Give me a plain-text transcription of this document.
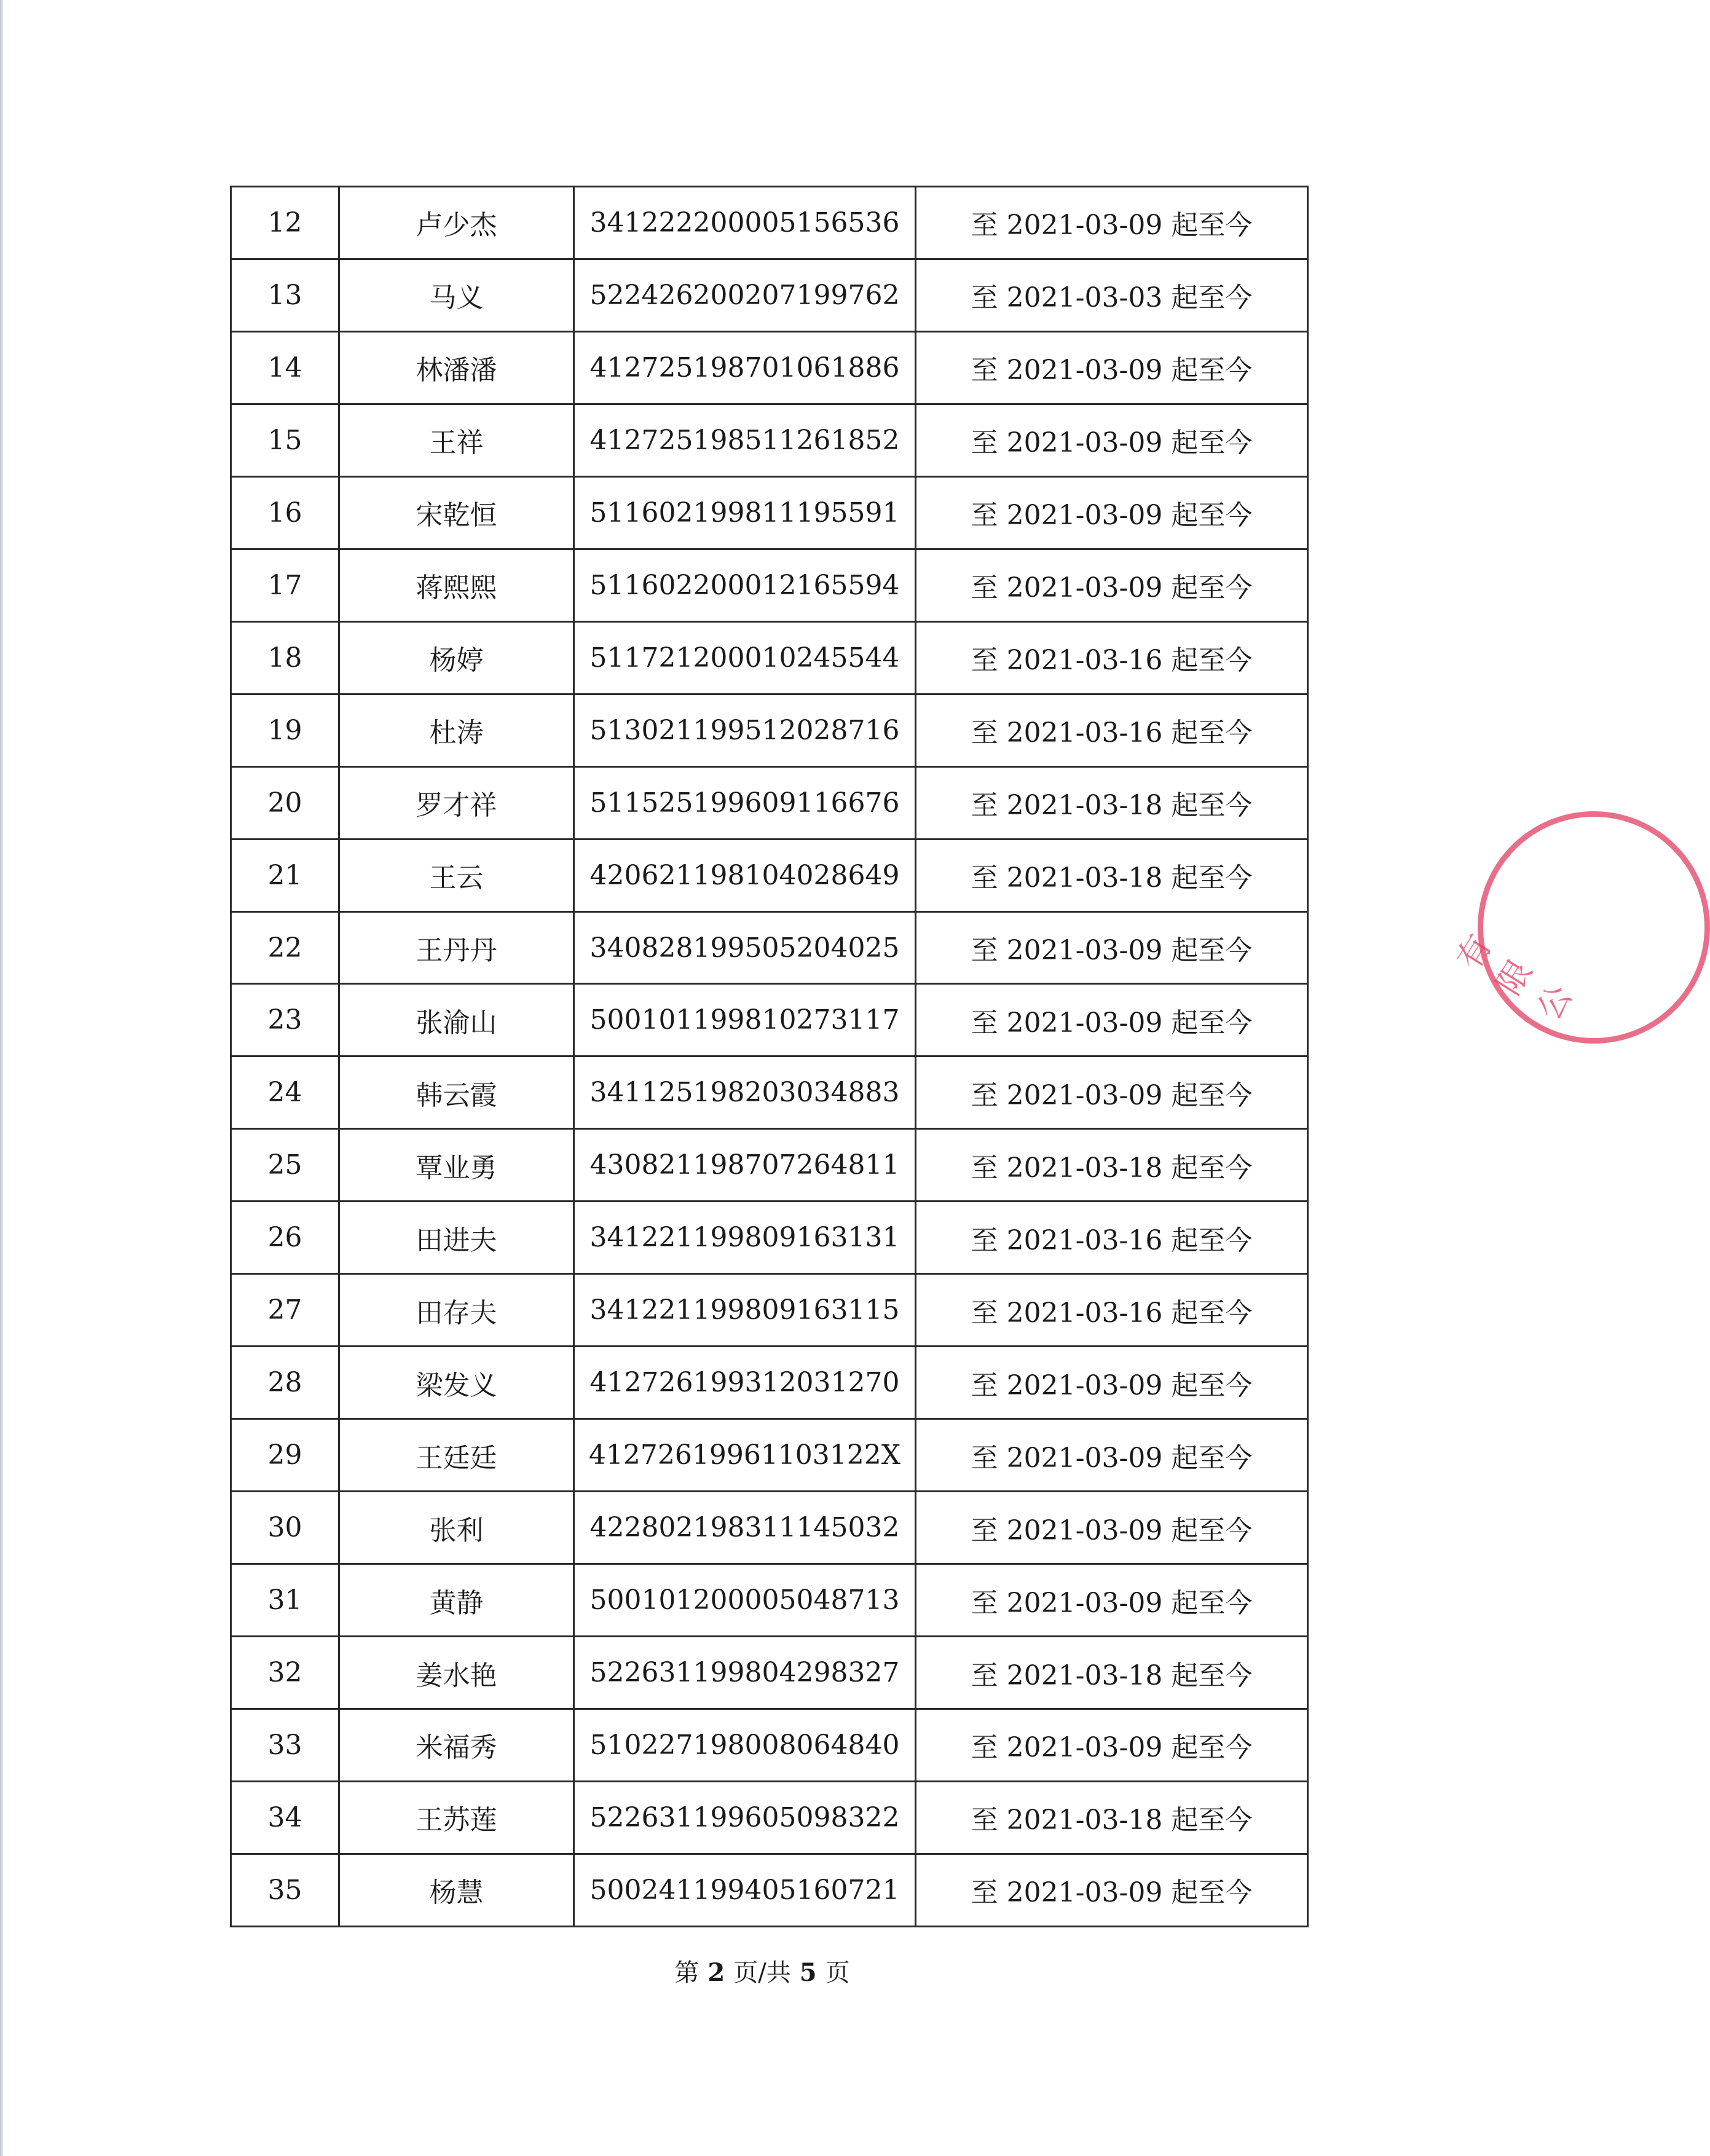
12	卢少杰	341222200005156536	至 2021-03-09 起至今
13	马义	522426200207199762	至 2021-03-03 起至今
14	林潘潘	412725198701061886	至 2021-03-09 起至今
15	王祥	412725198511261852	至 2021-03-09 起至今
16	宋乾恒	511602199811195591	至 2021-03-09 起至今
17	蒋熙熙	511602200012165594	至 2021-03-09 起至今
18	杨婷	511721200010245544	至 2021-03-16 起至今
19	杜涛	513021199512028716	至 2021-03-16 起至今
20	罗才祥	511525199609116676	至 2021-03-18 起至今
21	王云	420621198104028649	至 2021-03-18 起至今
22	王丹丹	340828199505204025	至 2021-03-09 起至今
23	张渝山	500101199810273117	至 2021-03-09 起至今
24	韩云霞	341125198203034883	至 2021-03-09 起至今
25	覃业勇	430821198707264811	至 2021-03-18 起至今
26	田进夫	341221199809163131	至 2021-03-16 起至今
27	田存夫	341221199809163115	至 2021-03-16 起至今
28	梁发义	412726199312031270	至 2021-03-09 起至今
29	王廷廷	41272619961103122X	至 2021-03-09 起至今
30	张利	422802198311145032	至 2021-03-09 起至今
31	黄静	500101200005048713	至 2021-03-09 起至今
32	姜水艳	522631199804298327	至 2021-03-18 起至今
33	米福秀	510227198008064840	至 2021-03-09 起至今
34	王苏莲	522631199605098322	至 2021-03-18 起至今
35	杨慧	500241199405160721	至 2021-03-09 起至今
第 2 页/共 5 页
有限公
